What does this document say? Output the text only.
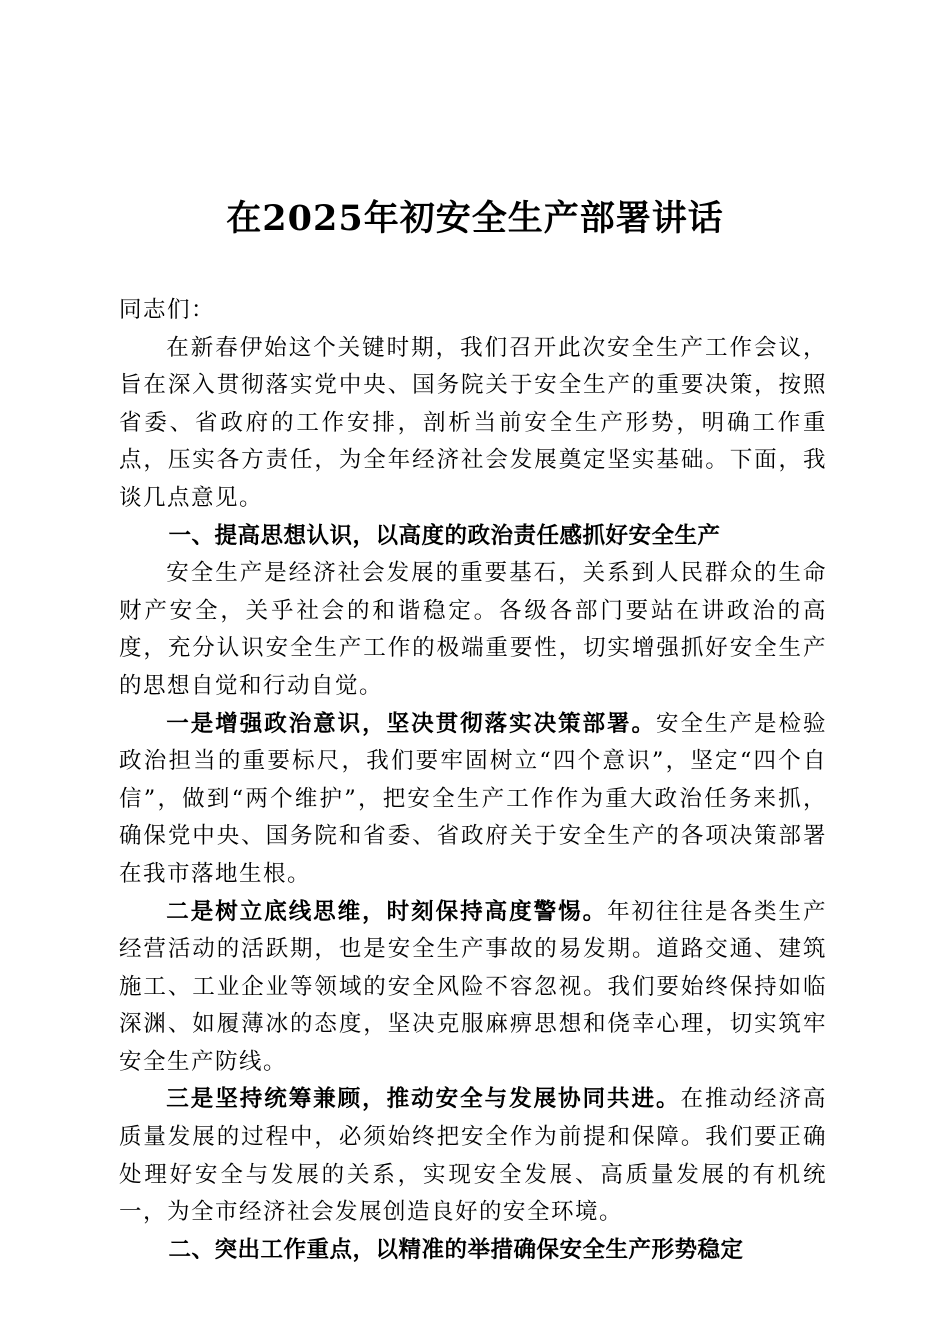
在2025年初安全生产部署讲话

同志们：

在新春伊始这个关键时期，我们召开此次安全生产工作会议，旨在深入贯彻落实党中央、国务院关于安全生产的重要决策，按照省委、省政府的工作安排，剖析当前安全生产形势，明确工作重点，压实各方责任，为全年经济社会发展奠定坚实基础。下面，我谈几点意见。

一、提高思想认识，以高度的政治责任感抓好安全生产

安全生产是经济社会发展的重要基石，关系到人民群众的生命财产安全，关乎社会的和谐稳定。各级各部门要站在讲政治的高度，充分认识安全生产工作的极端重要性，切实增强抓好安全生产的思想自觉和行动自觉。

一是增强政治意识，坚决贯彻落实决策部署。安全生产是检验政治担当的重要标尺，我们要牢固树立“四个意识”，坚定“四个自信”，做到“两个维护”，把安全生产工作作为重大政治任务来抓，确保党中央、国务院和省委、省政府关于安全生产的各项决策部署在我市落地生根。

二是树立底线思维，时刻保持高度警惕。年初往往是各类生产经营活动的活跃期，也是安全生产事故的易发期。道路交通、建筑施工、工业企业等领域的安全风险不容忽视。我们要始终保持如临深渊、如履薄冰的态度，坚决克服麻痹思想和侥幸心理，切实筑牢安全生产防线。

三是坚持统筹兼顾，推动安全与发展协同共进。在推动经济高质量发展的过程中，必须始终把安全作为前提和保障。我们要正确处理好安全与发展的关系，实现安全发展、高质量发展的有机统一，为全市经济社会发展创造良好的安全环境。

二、突出工作重点，以精准的举措确保安全生产形势稳定
